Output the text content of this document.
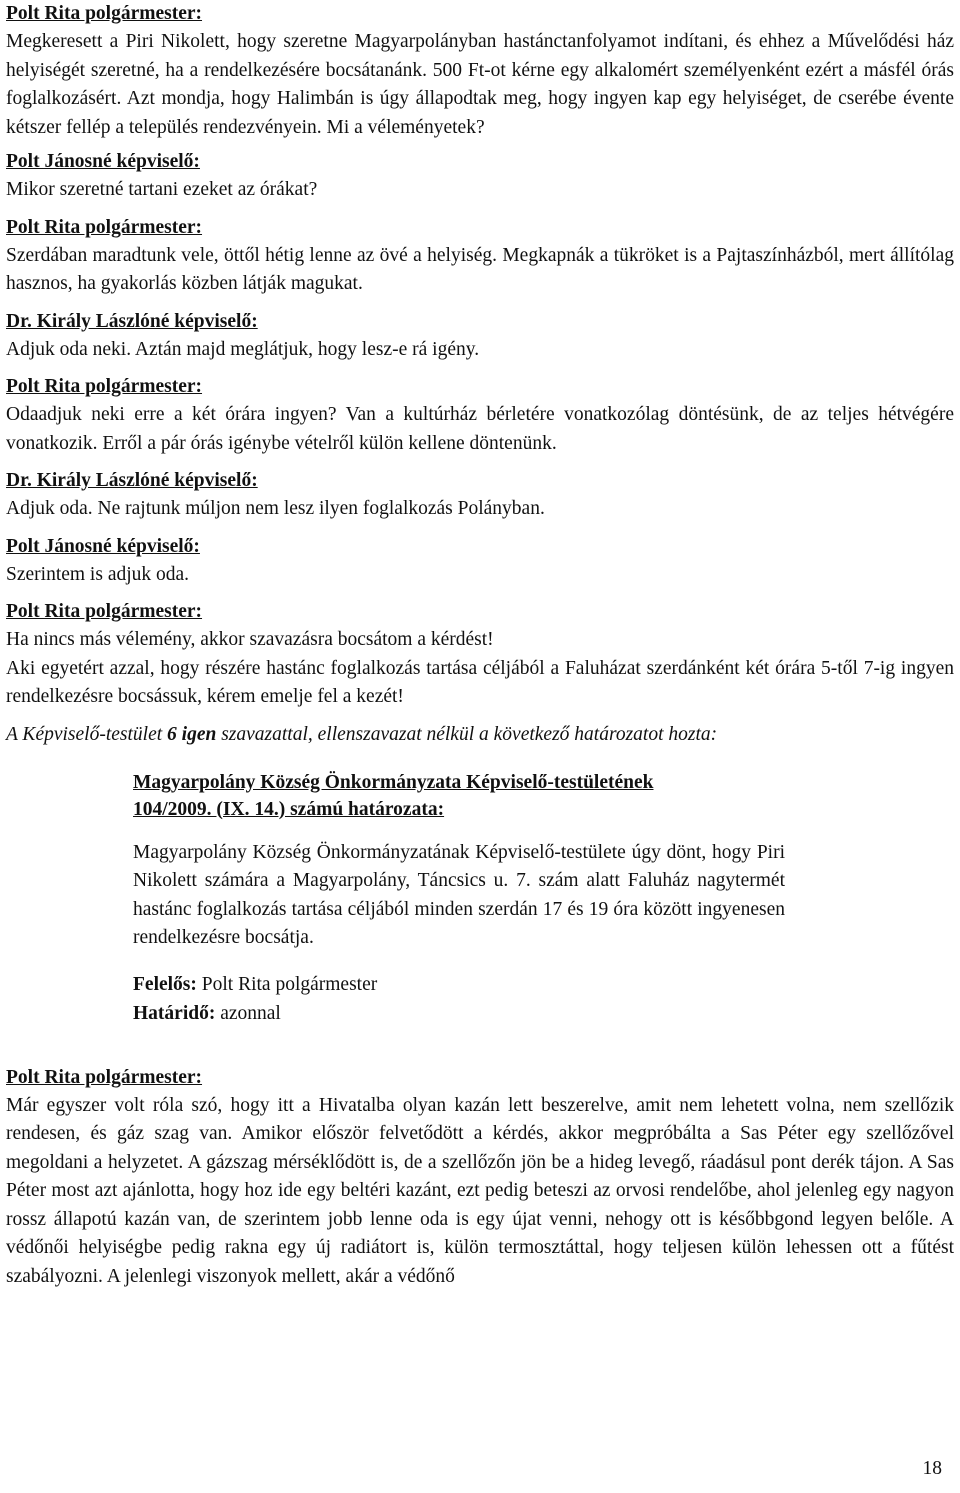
Polt Rita polgármester:

Megkeresett a Piri Nikolett, hogy szeretne Magyarpolányban hastánctanfolyamot indítani, és ehhez a Művelődési ház helyiségét szeretné, ha a rendelkezésére bocsátanánk. 500 Ft-ot kérne egy alkalomért személyenként ezért a másfél órás foglalkozásért. Azt mondja, hogy Halimbán is úgy állapodtak meg, hogy ingyen kap egy helyiséget, de cserébe évente kétszer fellép a település rendezvényein. Mi a véleményetek?

Polt Jánosné képviselő:

Mikor szeretné tartani ezeket az órákat?

Polt Rita polgármester:

Szerdában maradtunk vele, öttől hétig lenne az övé a helyiség. Megkapnák a tükröket is a Pajtaszínházból, mert állítólag hasznos, ha gyakorlás közben látják magukat.

Dr. Király Lászlóné képviselő:

Adjuk oda neki. Aztán majd meglátjuk, hogy lesz-e rá igény.

Polt Rita polgármester:

Odaadjuk neki erre a két órára ingyen? Van a kultúrház bérletére vonatkozólag döntésünk, de az teljes hétvégére vonatkozik. Erről a pár órás igénybe vételről külön kellene döntenünk.

Dr. Király Lászlóné képviselő:

Adjuk oda. Ne rajtunk múljon nem lesz ilyen foglalkozás Polányban.

Polt Jánosné képviselő:

Szerintem is adjuk oda.

Polt Rita polgármester:

Ha nincs más vélemény, akkor szavazásra bocsátom a kérdést!

Aki egyetért azzal, hogy részére hastánc foglalkozás tartása céljából a Faluházat szerdánként két órára 5-től 7-ig ingyen rendelkezésre bocsássuk, kérem emelje fel a kezét!

A Képviselő-testület 6 igen szavazattal, ellenszavazat nélkül a következő határozatot hozta:

Magyarpolány Község Önkormányzata Képviselő-testületének

104/2009. (IX. 14.) számú határozata:

Magyarpolány Község Önkormányzatának Képviselő-testülete úgy dönt, hogy Piri Nikolett számára a Magyarpolány, Táncsics u. 7. szám alatt Faluház nagytermét hastánc foglalkozás tartása céljából minden szerdán 17 és 19 óra között ingyenesen rendelkezésre bocsátja.

Felelős: Polt Rita polgármester

Határidő: azonnal

Polt Rita polgármester:

Már egyszer volt róla szó, hogy itt a Hivatalba olyan kazán lett beszerelve, amit nem lehetett volna, nem szellőzik rendesen, és gáz szag van. Amikor először felvetődött a kérdés, akkor megpróbálta a Sas Péter egy szellőzővel megoldani a helyzetet. A gázszag mérséklődött is, de a szellőzőn jön be a hideg levegő, ráadásul pont derék tájon. A Sas Péter most azt ajánlotta, hogy hoz ide egy beltéri kazánt, ezt pedig beteszi az orvosi rendelőbe, ahol jelenleg egy nagyon rossz állapotú kazán van, de szerintem jobb lenne oda is egy újat venni, nehogy ott is későbbgond legyen belőle. A védőnői helyiségbe pedig rakna egy új radiátort is, külön termosztáttal, hogy teljesen külön lehessen ott a fűtést szabályozni. A jelenlegi viszonyok mellett, akár a védőnő

18
